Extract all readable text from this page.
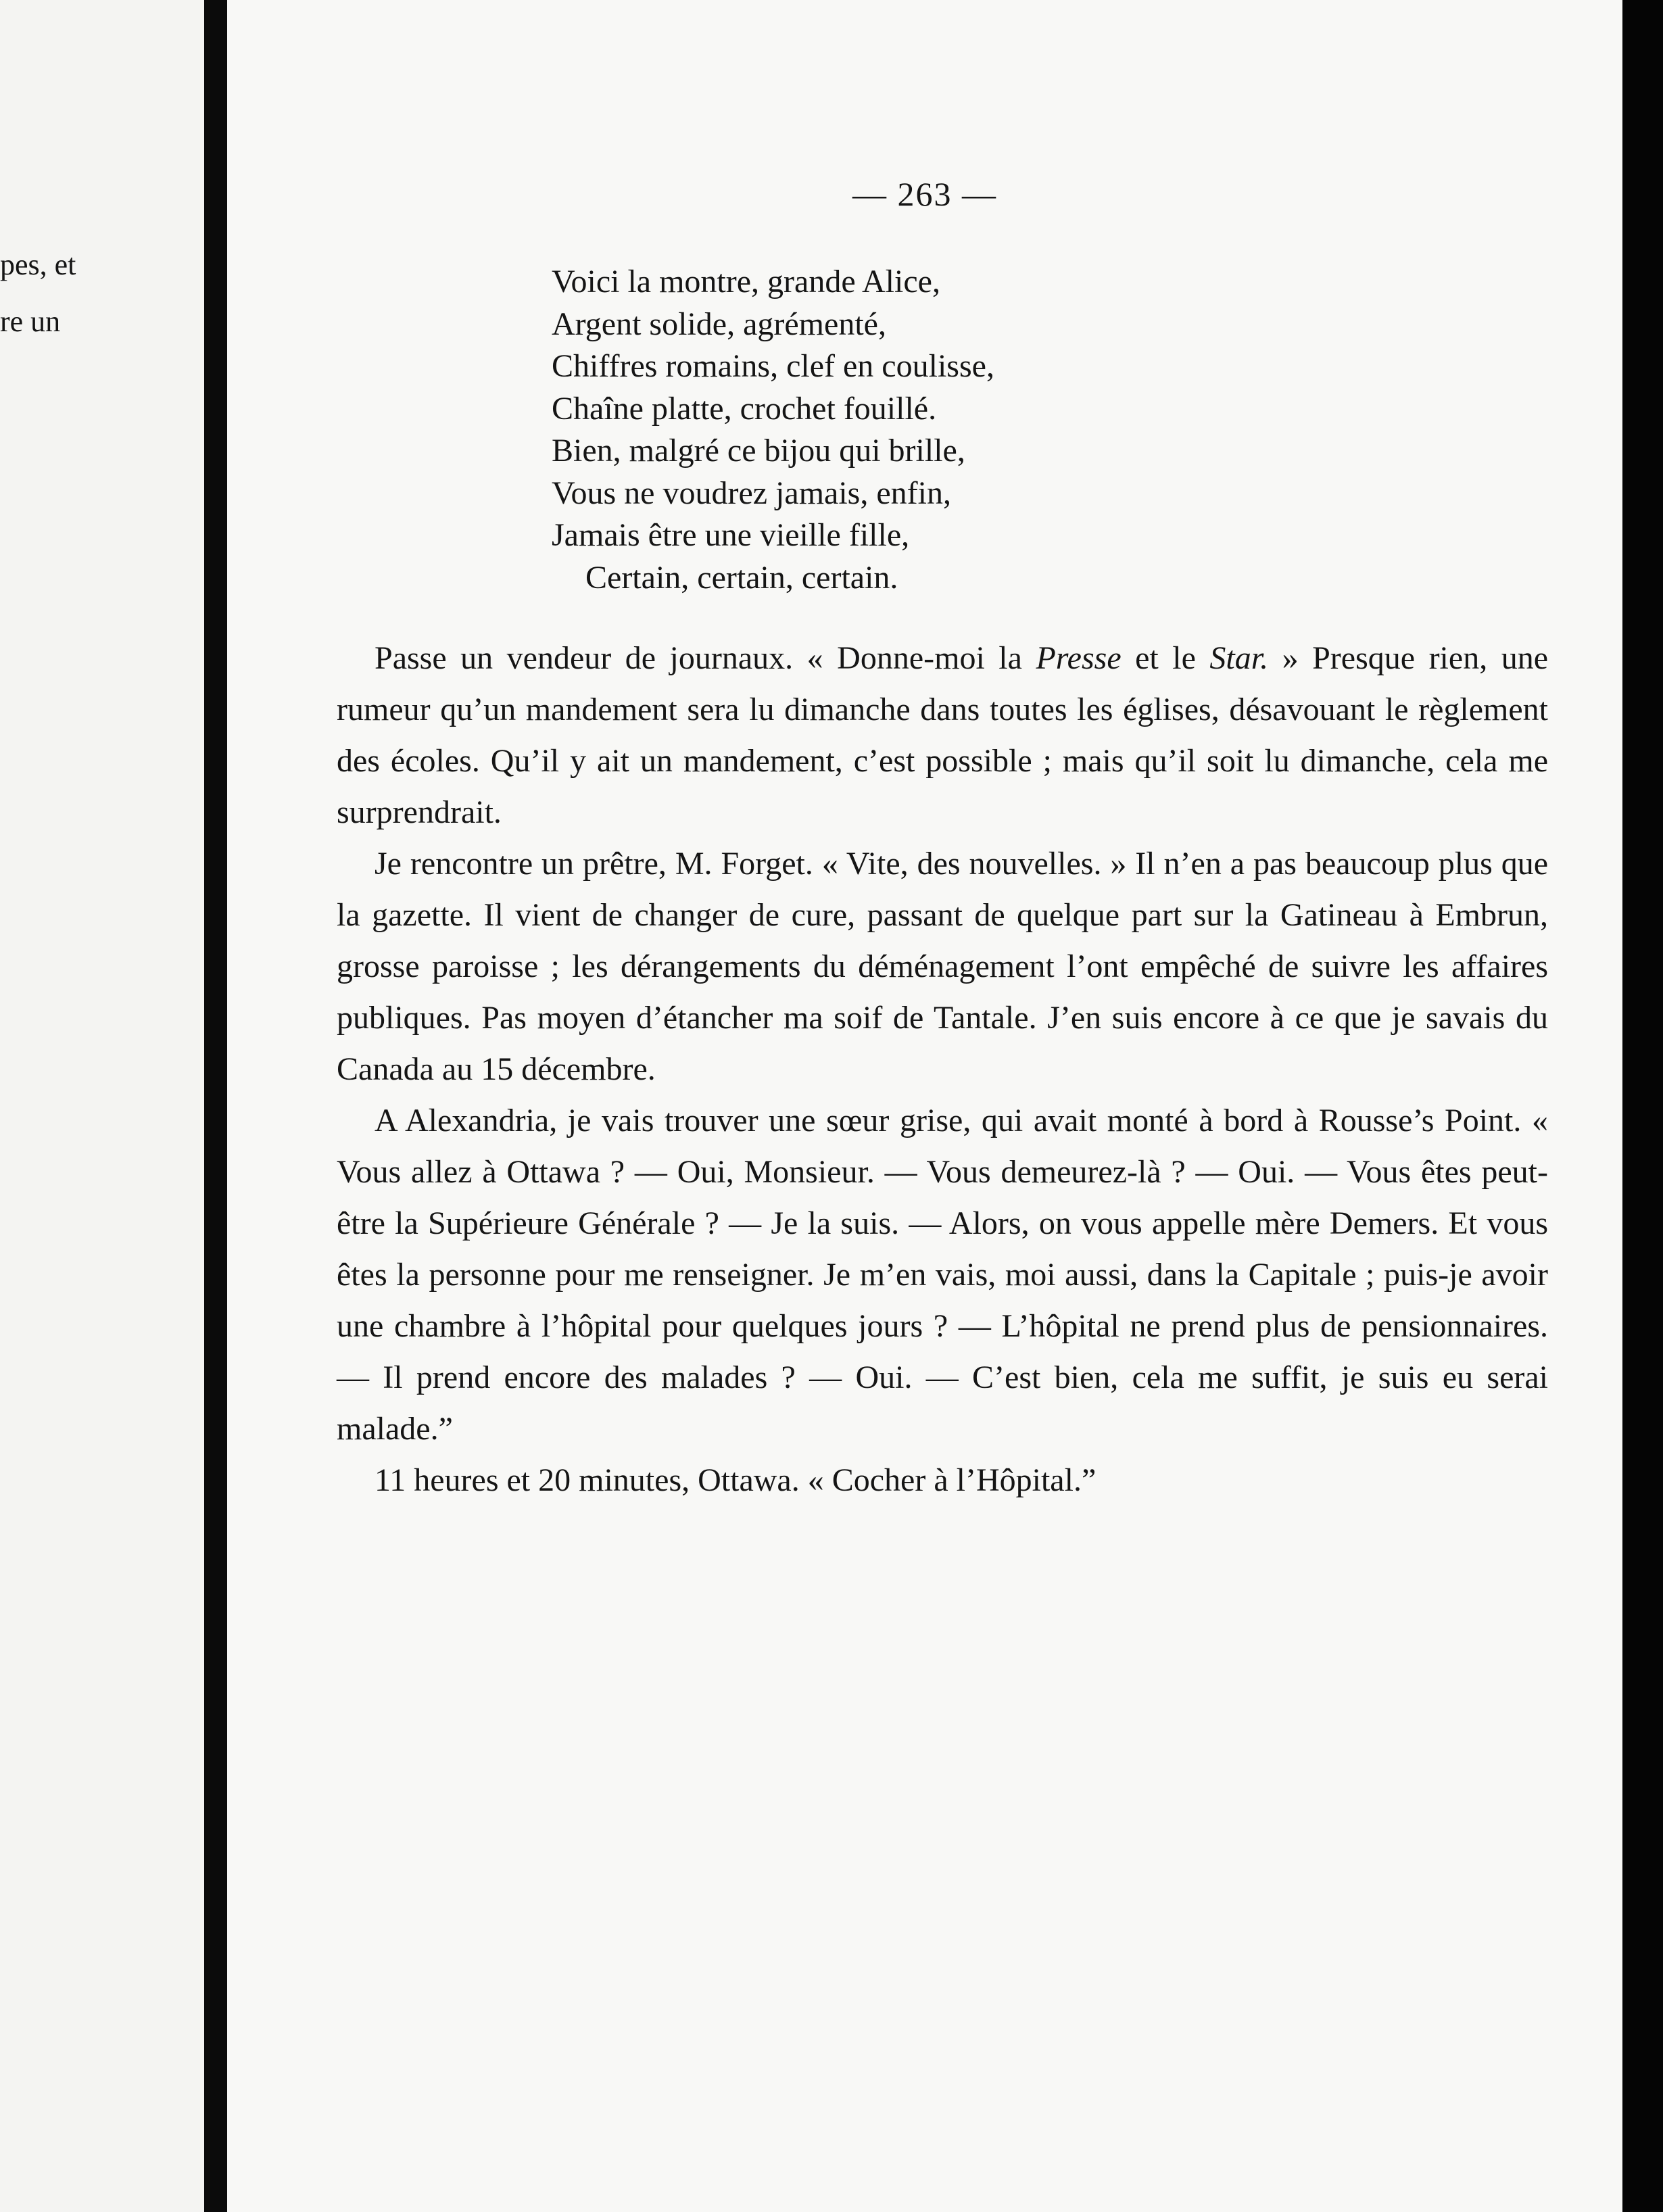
pes, et
re un
— 263 —
Voici la montre, grande Alice,
Argent solide, agrémenté,
Chiffres romains, clef en coulisse,
Chaîne platte, crochet fouillé.
Bien, malgré ce bijou qui brille,
Vous ne voudrez jamais, enfin,
Jamais être une vieille fille,
Certain, certain, certain.

Passe un vendeur de journaux. « Donne-moi la Presse et le Star. » Presque rien, une rumeur qu’un mandement sera lu dimanche dans toutes les églises, désavouant le règlement des écoles. Qu’il y ait un mandement, c’est possible ; mais qu’il soit lu dimanche, cela me surprendrait.

Je rencontre un prêtre, M. Forget. « Vite, des nouvelles. » Il n’en a pas beaucoup plus que la gazette. Il vient de changer de cure, passant de quelque part sur la Gatineau à Embrun, grosse paroisse ; les dérangements du déménagement l’ont empêché de suivre les affaires publiques. Pas moyen d’étancher ma soif de Tantale. J’en suis encore à ce que je savais du Canada au 15 décembre.

A Alexandria, je vais trouver une sœur grise, qui avait monté à bord à Rousse’s Point. « Vous allez à Ottawa ? — Oui, Monsieur. — Vous demeurez-là ? — Oui. — Vous êtes peut-être la Supérieure Générale ? — Je la suis. — Alors, on vous appelle mère Demers. Et vous êtes la personne pour me renseigner. Je m’en vais, moi aussi, dans la Capitale ; puis-je avoir une chambre à l’hôpital pour quelques jours ? — L’hôpital ne prend plus de pensionnaires. — Il prend encore des malades ? — Oui. — C’est bien, cela me suffit, je suis eu serai malade.”

11 heures et 20 minutes, Ottawa. « Cocher à l’Hôpital.”
